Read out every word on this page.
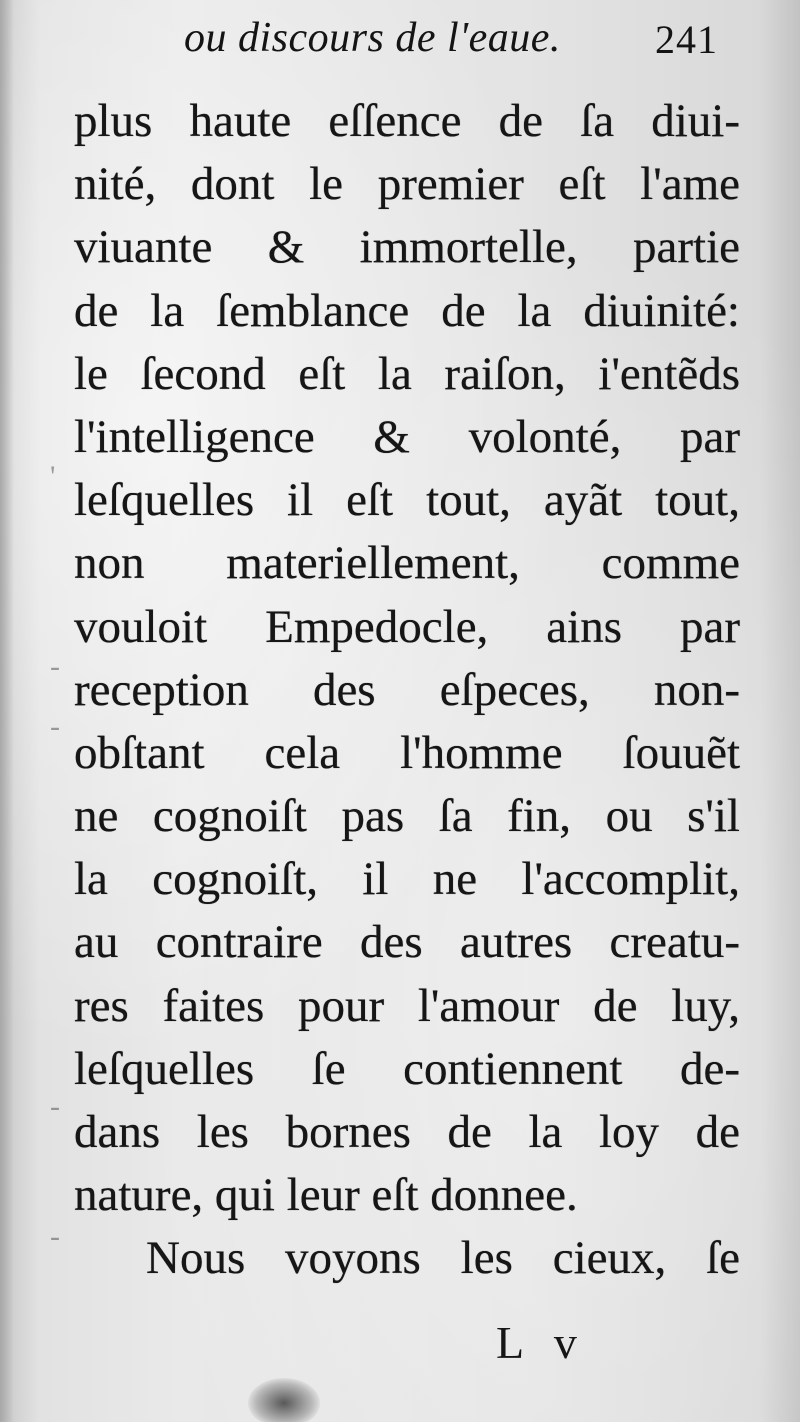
'
-
-
-
-
ou discours de l'eaue. 241
plus haute eſſence de ſa diui-
nité, dont le premier eſt l'ame
viuante & immortelle, partie
de la ſemblance de la diuinité:
le ſecond eſt la raiſon, i'entẽds
l'intelligence & volonté, par
leſquelles il eſt tout, ayãt tout,
non materiellement, comme
vouloit Empedocle, ains par
reception des eſpeces, non-
obſtant cela l'homme ſouuẽt
ne cognoiſt pas ſa fin, ou s'il
la cognoiſt, il ne l'accomplit,
au contraire des autres creatu-
res faites pour l'amour de luy,
leſquelles ſe contiennent de-
dans les bornes de la loy de
nature, qui leur eſt donnee.
Nous voyons les cieux, ſe
L v
